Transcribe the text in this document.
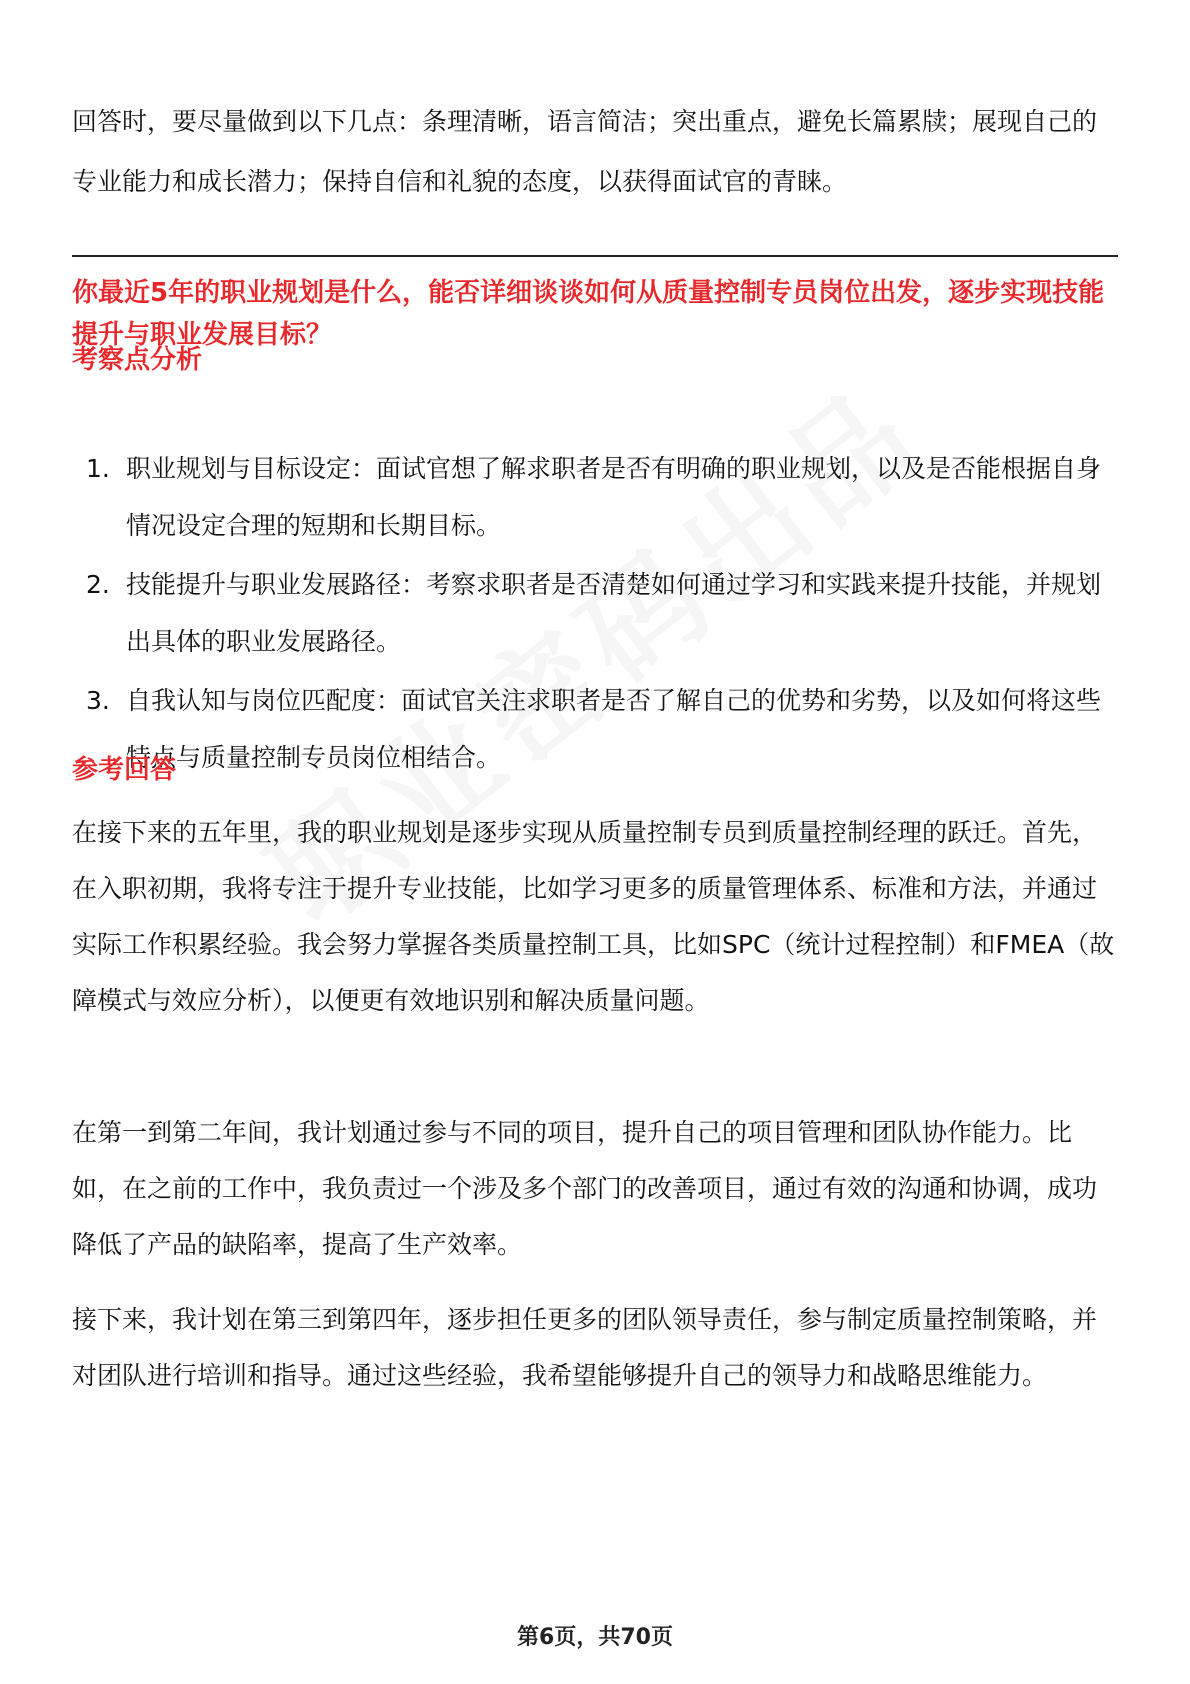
回答时，要尽量做到以下几点：条理清晰，语言简洁；突出重点，避免长篇累牍；展现自己的专业能力和成长潜力；保持自信和礼貌的态度，以获得面试官的青睐。

你最近5年的职业规划是什么，能否详细谈谈如何从质量控制专员岗位出发，逐步实现技能提升与职业发展目标？
考察点分析
1. 职业规划与目标设定：面试官想了解求职者是否有明确的职业规划，以及是否能根据自身情况设定合理的短期和长期目标。
2. 技能提升与职业发展路径：考察求职者是否清楚如何通过学习和实践来提升技能，并规划出具体的职业发展路径。
3. 自我认知与岗位匹配度：面试官关注求职者是否了解自己的优势和劣势，以及如何将这些特点与质量控制专员岗位相结合。
参考回答

在接下来的五年里，我的职业规划是逐步实现从质量控制专员到质量控制经理的跃迁。首先，在入职初期，我将专注于提升专业技能，比如学习更多的质量管理体系、标准和方法，并通过实际工作积累经验。我会努力掌握各类质量控制工具，比如SPC（统计过程控制）和FMEA（故障模式与效应分析），以便更有效地识别和解决质量问题。

在第一到第二年间，我计划通过参与不同的项目，提升自己的项目管理和团队协作能力。比如，在之前的工作中，我负责过一个涉及多个部门的改善项目，通过有效的沟通和协调，成功降低了产品的缺陷率，提高了生产效率。

接下来，我计划在第三到第四年，逐步担任更多的团队领导责任，参与制定质量控制策略，并对团队进行培训和指导。通过这些经验，我希望能够提升自己的领导力和战略思维能力。

第6页，共70页
